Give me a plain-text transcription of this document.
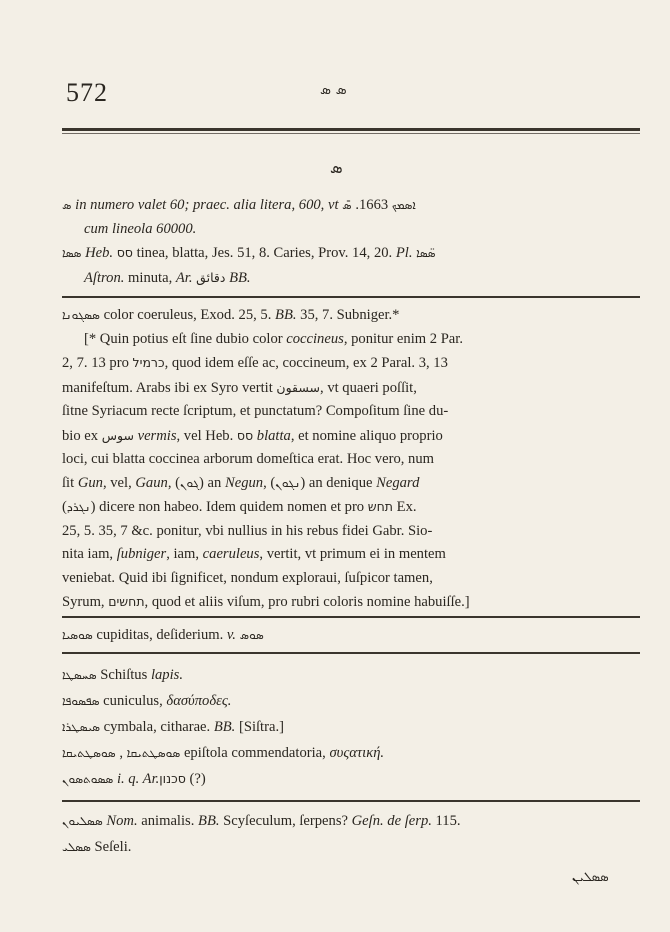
572	ܣ ܣ
ܣ

ܣ in numero valet 60; praec. alia litera, 600, vt	ܐܣܡܟ 1663. ܣ̄

cum lineola 60000.

ܣܣܐ Heb. סס tinea, blatta, Jes. 51, 8. Caries, Prov. 14, 20. Pl. ܣ̈ܣܐ

Aſtron. minuta, Ar. دقائق BB.

ܣܣܓܘܢܐ color coeruleus, Exod. 25, 5. BB. 35, 7. Subniger.*

[* Quin potius eſt ſine dubio color coccineus, ponitur enim 2 Par.

2, 7. 13 pro כרמיל, quod idem eſſe ac, coccineum, ex 2 Paral. 3, 13

manifeſtum. Arabs ibi ex Syro vertit سسقون, vt quaeri poſſit,

ſitne Syriacum recte ſcriptum, et punctatum? Compoſitum ſine du-

bio ex سوس vermis, vel Heb. סס blatta, et nomine aliquo proprio

loci, cui blatta coccinea arborum domeſtica erat. Hoc vero, num

ſit Gun, vel, Gaun, (ܓܘܢ) an Negun, (ܢܓܘܢ) an denique Negard

(ܢܓܪܕ) dicere non habeo. Idem quidem nomen et pro תחש Ex.

25, 5. 35, 7 &c. ponitur, vbi nullius in his rebus fidei Gabr. Sio-

nita iam, ſubniger, iam, caeruleus, vertit, vt primum ei in mentem

veniebat. Quid ibi ſignificet, nondum exploraui, ſuſpicor tamen,

Syrum, תחשים, quod et aliis viſum, pro rubri coloris nomine habuiſſe.]

ܣܘܣܝܐ cupiditas, deſiderium. v. ܣܘܣ

ܣܚܣܛܐ Schiſtus lapis.

ܣܦܣܘܦܐ cuniculus, δασύποδες.

ܣܝܣܛܪܐ cymbala, citharae. BB. [Siſtra.]

ܣܘܣܛܬܝܩܐ , ܣܘܣܛܬܝܩܐ	epiſtola commendatoria, συςατική.

ܣܣܘܬܣܘܢ i. q. Ar.סכנון (?)

ܣܣܠܝܘܢ Nom. animalis. BB. Scyſeculum, ſerpens? Geſn. de ſerp. 115.

ܣܣܠܝ Seſeli.

ܣܣܠܝܢ
